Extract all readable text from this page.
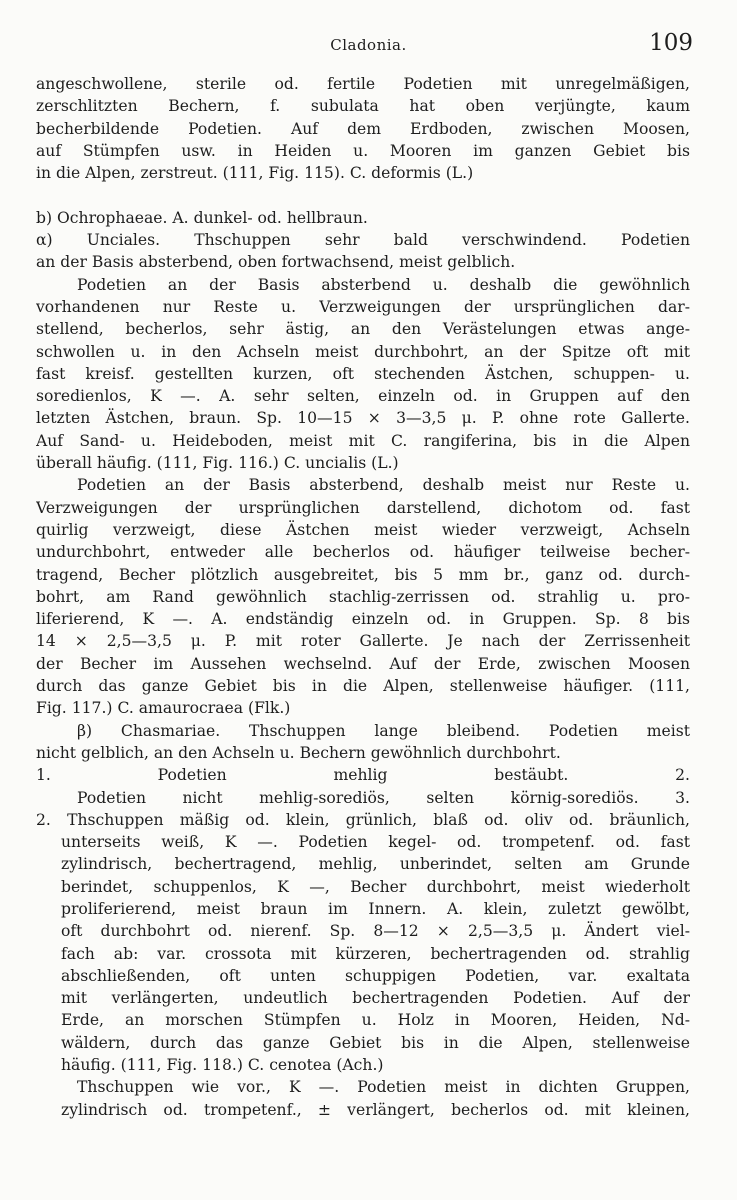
Cladonia.	109
angeschwollene, sterile od. fertile Podetien mit unregelmäßigen,
zerschlitzten Bechern, f. subulata hat oben verjüngte, kaum
becherbildende Podetien. Auf dem Erdboden, zwischen Moosen,
auf Stümpfen usw. in Heiden u. Mooren im ganzen Gebiet bis
in die Alpen, zerstreut. (111, Fig. 115). C. deformis (L.)
b) Ochrophaeae. A. dunkel- od. hellbraun.
α) Unciales. Thschuppen sehr bald verschwindend. Podetien
an der Basis absterbend, oben fortwachsend, meist gelblich.
Podetien an der Basis absterbend u. deshalb die gewöhnlich
vorhandenen nur Reste u. Verzweigungen der ursprünglichen dar-
stellend, becherlos, sehr ästig, an den Verästelungen etwas ange-
schwollen u. in den Achseln meist durchbohrt, an der Spitze oft mit
fast kreisf. gestellten kurzen, oft stechenden Ästchen, schuppen- u.
soredienlos, K —. A. sehr selten, einzeln od. in Gruppen auf den
letzten Ästchen, braun. Sp. 10—15 × 3—3,5 μ. P. ohne rote Gallerte.
Auf Sand- u. Heideboden, meist mit C. rangiferina, bis in die Alpen
überall häufig. (111, Fig. 116.) C. uncialis (L.)
Podetien an der Basis absterbend, deshalb meist nur Reste u.
Verzweigungen der ursprünglichen darstellend, dichotom od. fast
quirlig verzweigt, diese Ästchen meist wieder verzweigt, Achseln
undurchbohrt, entweder alle becherlos od. häufiger teilweise becher-
tragend, Becher plötzlich ausgebreitet, bis 5 mm br., ganz od. durch-
bohrt, am Rand gewöhnlich stachlig-zerrissen od. strahlig u. pro-
liferierend, K —. A. endständig einzeln od. in Gruppen. Sp. 8 bis
14 × 2,5—3,5 μ. P. mit roter Gallerte. Je nach der Zerrissenheit
der Becher im Aussehen wechselnd. Auf der Erde, zwischen Moosen
durch das ganze Gebiet bis in die Alpen, stellenweise häufiger. (111,
Fig. 117.) C. amaurocraea (Flk.)
β) Chasmariae. Thschuppen lange bleibend. Podetien meist
nicht gelblich, an den Achseln u. Bechern gewöhnlich durchbohrt.
1. Podetien mehlig bestäubt. 2.
Podetien nicht mehlig-sorediös, selten körnig-sorediös. 3.
2. Thschuppen mäßig od. klein, grünlich, blaß od. oliv od. bräunlich,
unterseits weiß, K —. Podetien kegel- od. trompetenf. od. fast
zylindrisch, bechertragend, mehlig, unberindet, selten am Grunde
berindet, schuppenlos, K —, Becher durchbohrt, meist wiederholt
proliferierend, meist braun im Innern. A. klein, zuletzt gewölbt,
oft durchbohrt od. nierenf. Sp. 8—12 × 2,5—3,5 μ. Ändert viel-
fach ab: var. crossota mit kürzeren, bechertragenden od. strahlig
abschließenden, oft unten schuppigen Podetien, var. exaltata
mit verlängerten, undeutlich bechertragenden Podetien. Auf der
Erde, an morschen Stümpfen u. Holz in Mooren, Heiden, Nd-
wäldern, durch das ganze Gebiet bis in die Alpen, stellenweise
häufig. (111, Fig. 118.) C. cenotea (Ach.)
Thschuppen wie vor., K —. Podetien meist in dichten Gruppen,
zylindrisch od. trompetenf., ± verlängert, becherlos od. mit kleinen,
